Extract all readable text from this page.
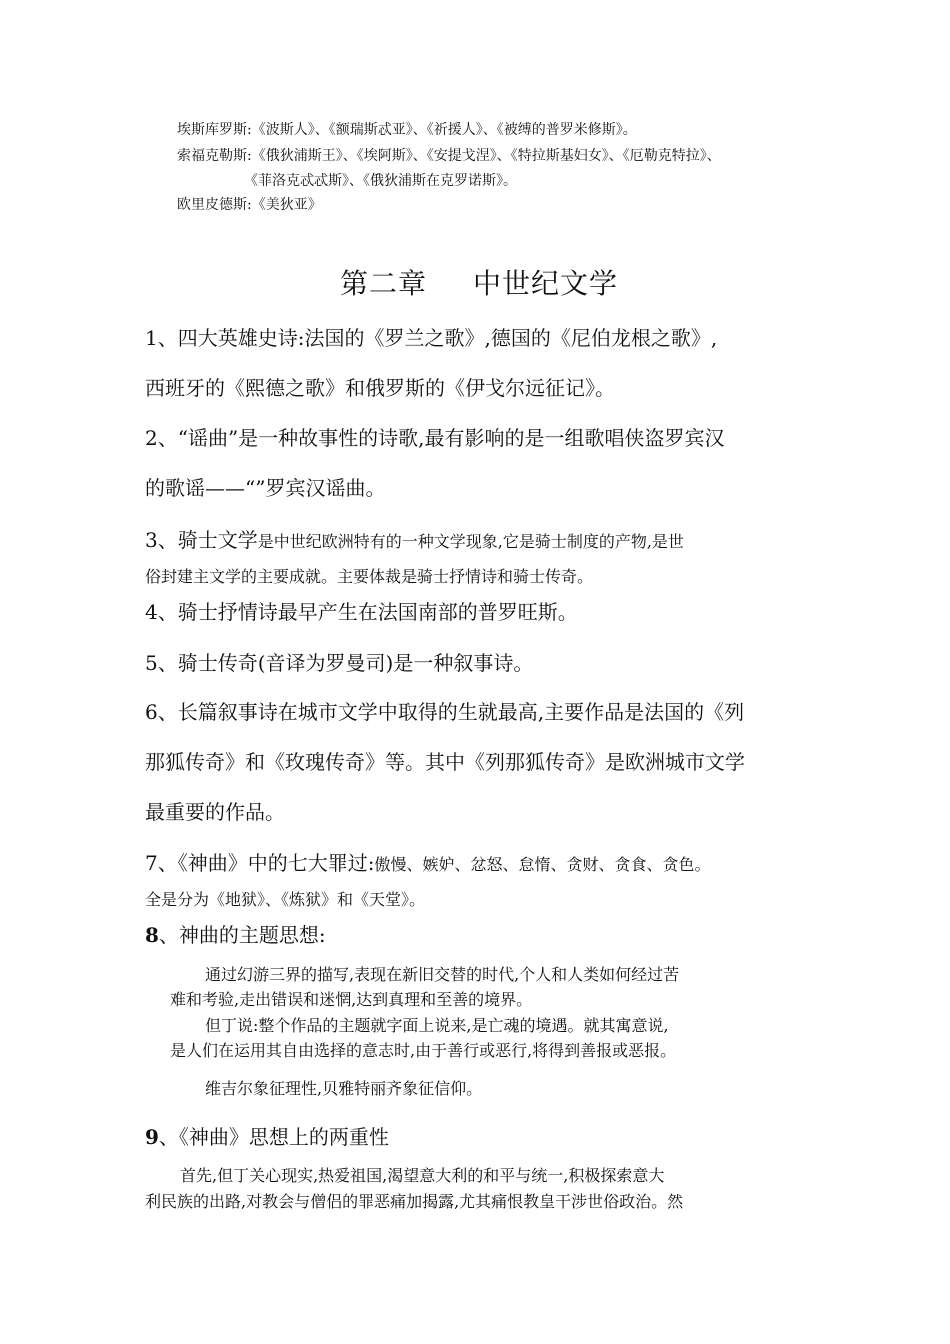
埃斯库罗斯:《波斯人》、《额瑞斯忒亚》、《祈援人》、《被缚的普罗米修斯》。

索福克勒斯:《俄狄浦斯王》、《埃阿斯》、《安提戈涅》、《特拉斯基妇女》、《厄勒克特拉》、

《菲洛克忒忒斯》、《俄狄浦斯在克罗诺斯》。

欧里皮德斯:《美狄亚》

第二章 中世纪文学

1、四大英雄史诗:法国的《罗兰之歌》,德国的《尼伯龙根之歌》,

西班牙的《熙德之歌》和俄罗斯的《伊戈尔远征记》。

2、“谣曲”是一种故事性的诗歌,最有影响的是一组歌唱侠盗罗宾汉

的歌谣——“”罗宾汉谣曲。

3、骑士文学是中世纪欧洲特有的一种文学现象,它是骑士制度的产物,是世

俗封建主文学的主要成就。主要体裁是骑士抒情诗和骑士传奇。

4、骑士抒情诗最早产生在法国南部的普罗旺斯。

5、骑士传奇(音译为罗曼司)是一种叙事诗。

6、长篇叙事诗在城市文学中取得的生就最高,主要作品是法国的《列

那狐传奇》和《玫瑰传奇》等。其中《列那狐传奇》是欧洲城市文学

最重要的作品。

7、《神曲》中的七大罪过:傲慢、嫉妒、忿怒、怠惰、贪财、贪食、贪色。

全是分为《地狱》、《炼狱》和《天堂》。

8、神曲的主题思想:

通过幻游三界的描写,表现在新旧交替的时代,个人和人类如何经过苦

难和考验,走出错误和迷惘,达到真理和至善的境界。

但丁说:整个作品的主题就字面上说来,是亡魂的境遇。就其寓意说,

是人们在运用其自由选择的意志时,由于善行或恶行,将得到善报或恶报。

维吉尔象征理性,贝雅特丽齐象征信仰。

9、《神曲》思想上的两重性

首先,但丁关心现实,热爱祖国,渴望意大利的和平与统一,积极探索意大

利民族的出路,对教会与僧侣的罪恶痛加揭露,尤其痛恨教皇干涉世俗政治。然
